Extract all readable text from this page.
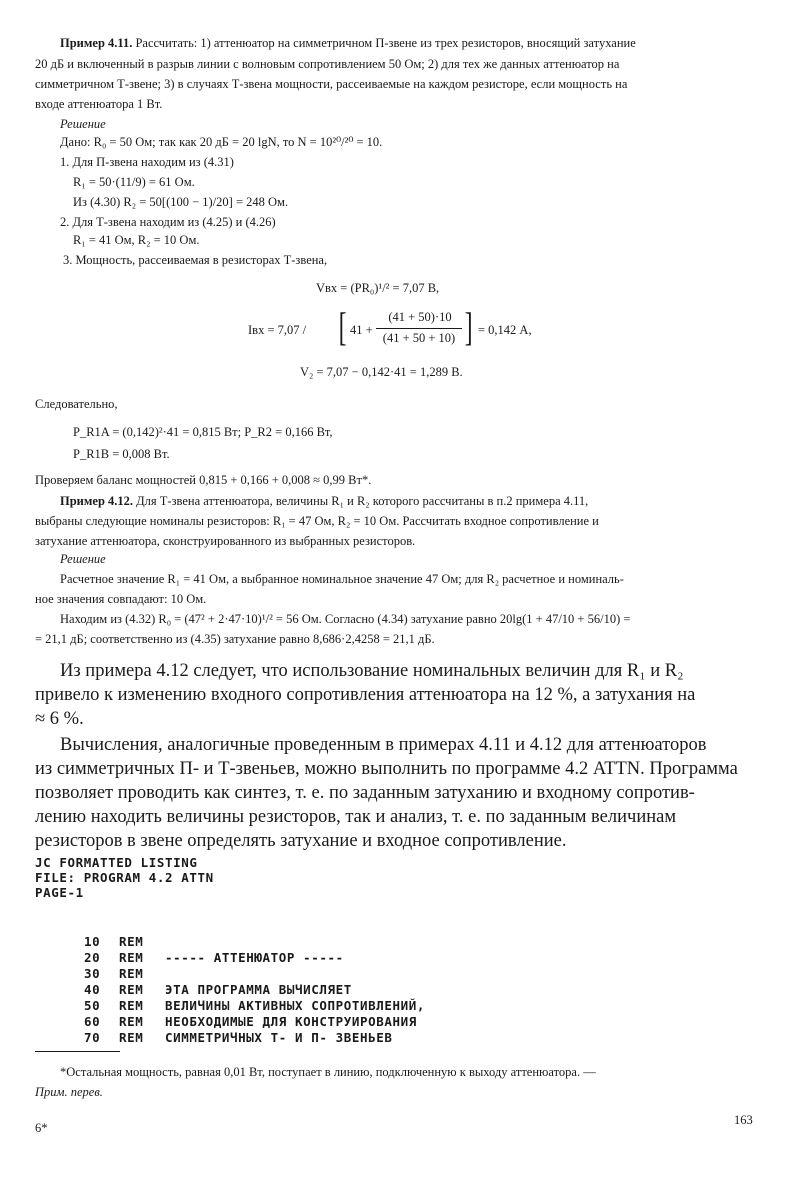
Пример 4.11. Рассчитать: 1) аттенюатор на симметричном П-звене из трех резисторов, вносящий затухание
20 дБ и включенный в разрыв линии с волновым сопротивлением 50 Ом; 2) для тех же данных аттенюатор на
симметричном Т-звене; 3) в случаях Т-звена мощности, рассеиваемые на каждом резисторе, если мощность на
входе аттенюатора 1 Вт.
Решение
Дано: R₀ = 50 Ом; так как 20 дБ = 20 lgN, то N = 10²⁰/²⁰ = 10.
1. Для П-звена находим из (4.31)
R₁ = 50·(11/9) = 61 Ом.
Из (4.30) R₂ = 50[(100 − 1)/20] = 248 Ом.
2. Для Т-звена находим из (4.25) и (4.26)
R₁ = 41 Ом, R₂ = 10 Ом.
3. Мощность, рассеиваемая в резисторах Т-звена,
Vвх = (PR₀)¹/² = 7,07 В,
Iвх = 7,07 / [ 41 +
(41 + 50)·10
(41 + 50 + 10) ] = 0,142 А,
V₂ = 7,07 − 0,142·41 = 1,289 В.
Следовательно,
P_R1A = (0,142)²·41 = 0,815 Вт; P_R2 = 0,166 Вт,
P_R1B = 0,008 Вт.
Проверяем баланс мощностей 0,815 + 0,166 + 0,008 ≈ 0,99 Вт*.
Пример 4.12. Для Т-звена аттенюатора, величины R₁ и R₂ которого рассчитаны в п.2 примера 4.11,
выбраны следующие номиналы резисторов: R₁ = 47 Ом, R₂ = 10 Ом. Рассчитать входное сопротивление и
затухание аттенюатора, сконструированного из выбранных резисторов.
Решение
Расчетное значение R₁ = 41 Ом, а выбранное номинальное значение 47 Ом; для R₂ расчетное и номиналь-
ное значения совпадают: 10 Ом.
Находим из (4.32) R₀ = (47² + 2·47·10)¹/² = 56 Ом. Согласно (4.34) затухание равно 20lg(1 + 47/10 + 56/10) =
= 21,1 дБ; соответственно из (4.35) затухание равно 8,686·2,4258 = 21,1 дБ.
Из примера 4.12 следует, что использование номинальных величин для R₁ и R₂
привело к изменению входного сопротивления аттенюатора на 12 %, а затухания на
≈ 6 %.
Вычисления, аналогичные проведенным в примерах 4.11 и 4.12 для аттенюаторов
из симметричных П- и Т-звеньев, можно выполнить по программе 4.2 ATTN. Программа
позволяет проводить как синтез, т. е. по заданным затуханию и входному сопротив-
лению находить величины резисторов, так и анализ, т. е. по заданным величинам
резисторов в звене определять затухание и входное сопротивление.
JC FORMATTED LISTING
FILE: PROGRAM 4.2 ATTN
PAGE-1
10 REM
20 REM ----- АТТЕНЮАТОР -----
30 REM
40 REM ЭТА ПРОГРАММА ВЫЧИСЛЯЕТ
50 REM ВЕЛИЧИНЫ АКТИВНЫХ СОПРОТИВЛЕНИЙ,
60 REM НЕОБХОДИМЫЕ ДЛЯ КОНСТРУИРОВАНИЯ
70 REM СИММЕТРИЧНЫХ Т- И П- ЗВЕНЬЕВ
*Остальная мощность, равная 0,01 Вт, поступает в линию, подключенную к выходу аттенюатора. —
Прим. перев.
6*
163
